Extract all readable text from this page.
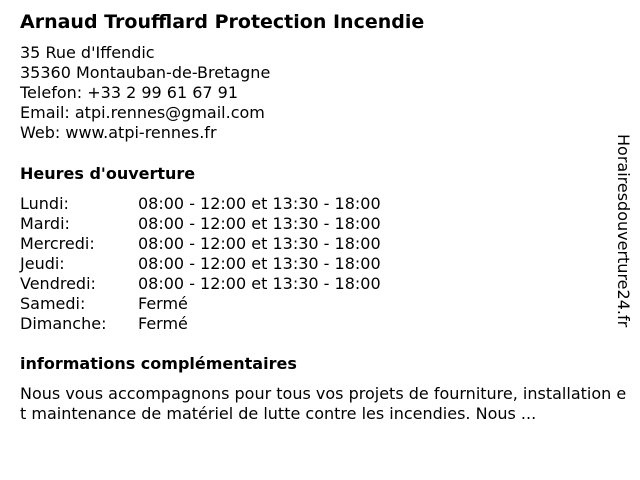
Arnaud Troufflard Protection Incendie
35 Rue d'Iffendic
35360 Montauban-de-Bretagne
Telefon: +33 2 99 61 67 91
Email: atpi.rennes@gmail.com
Web: www.atpi-rennes.fr
Heures d'ouverture
Lundi:	08:00 - 12:00 et 13:30 - 18:00
Mardi:	08:00 - 12:00 et 13:30 - 18:00
Mercredi:	08:00 - 12:00 et 13:30 - 18:00
Jeudi:	08:00 - 12:00 et 13:30 - 18:00
Vendredi:	08:00 - 12:00 et 13:30 - 18:00
Samedi:	Fermé
Dimanche:	Fermé
informations complémentaires
Nous vous accompagnons pour tous vos projets de fourniture, installation et maintenance de matériel de lutte contre les incendies. Nous ...
Horairesdouverture24.fr
